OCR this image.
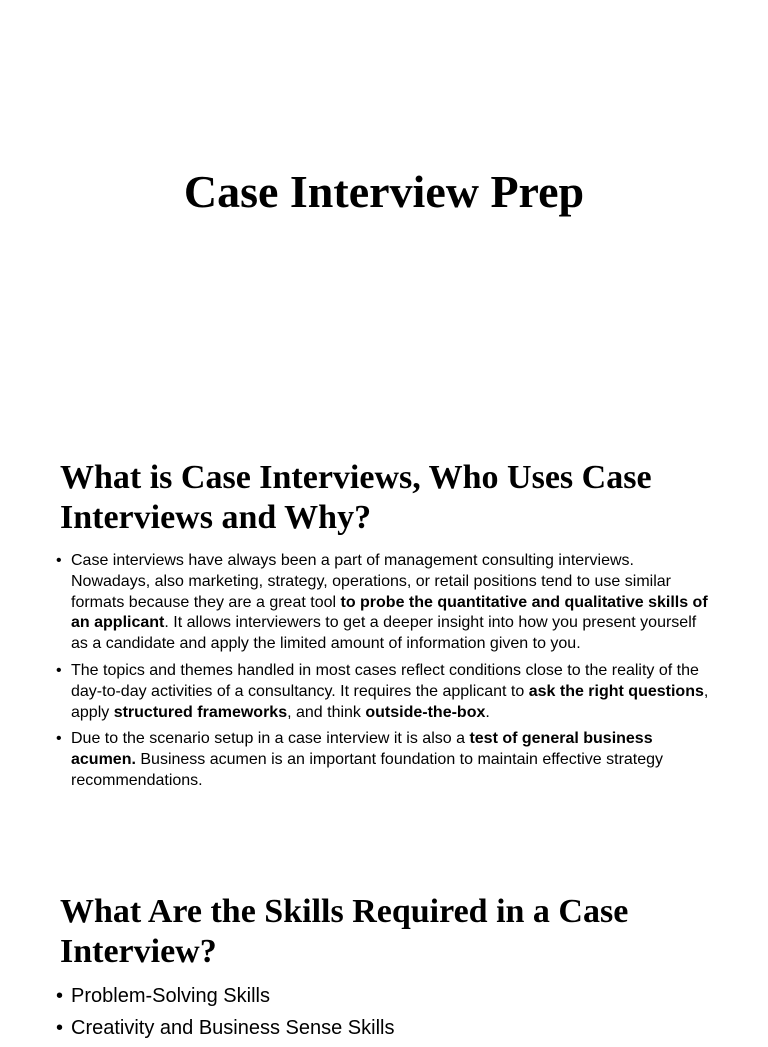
Case Interview Prep
What is Case Interviews, Who Uses Case Interviews and Why?
• Case interviews have always been a part of management consulting interviews. Nowadays, also marketing, strategy, operations, or retail positions tend to use similar formats because they are a great tool to probe the quantitative and qualitative skills of an applicant. It allows interviewers to get a deeper insight into how you present yourself as a candidate and apply the limited amount of information given to you.
• The topics and themes handled in most cases reflect conditions close to the reality of the day-to-day activities of a consultancy. It requires the applicant to ask the right questions, apply structured frameworks, and think outside-the-box.
• Due to the scenario setup in a case interview it is also a test of general business acumen. Business acumen is an important foundation to maintain effective strategy recommendations.
What Are the Skills Required in a Case Interview?
• Problem-Solving Skills
• Creativity and Business Sense Skills
